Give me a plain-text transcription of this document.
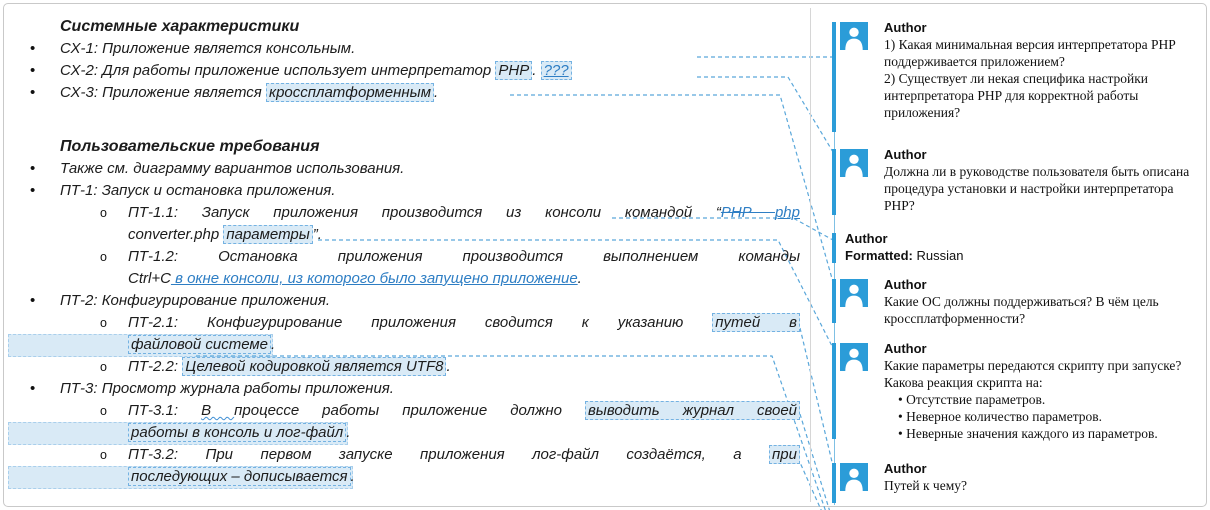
Системные характеристики
• СХ-1: Приложение является консольным.
• СХ-2: Для работы приложение использует интерпретатор PHP . ???
• СХ-3: Приложение является кроссплатформенным .
Пользовательские требования
• Также см. диаграмму вариантов использования.
• ПТ-1: Запуск и остановка приложения.
o ПТ-1.1: Запуск приложения производится из консоли командой “PHP php
converter.php параметры ”.
o ПТ-1.2: Остановка приложения производится выполнением команды
Ctrl+C в окне консоли, из которого было запущено приложение.
• ПТ-2: Конфигурирование приложения.
o ПТ-2.1: Конфигурирование приложения сводится к указанию путей в
файловой системе .
o ПТ-2.2: Целевой кодировкой является UTF8 .
• ПТ-3: Просмотр журнала работы приложения.
o ПТ-3.1: В процессе работы приложение должно выводить журнал своей
работы в консоль и лог-файл .
o ПТ-3.2: При первом запуске приложения лог-файл создаётся, а при
последующих – дописывается .
Author
1) Какая минимальная версия интерпретатора PHP поддерживается приложением?
2) Существует ли некая специфика настройки интерпретатора PHP для корректной работы приложения?
Author
Должна ли в руководстве пользователя быть описана процедура установки и настройки интерпретатора PHP?
Author
Formatted: Russian
Author
Какие ОС должны поддерживаться? В чём цель кроссплатформенности?
Author
Какие параметры передаются скрипту при запуске? Какова реакция скрипта на:
• Отсутствие параметров.
• Неверное количество параметров.
• Неверные значения каждого из параметров.
Author
Путей к чему?
